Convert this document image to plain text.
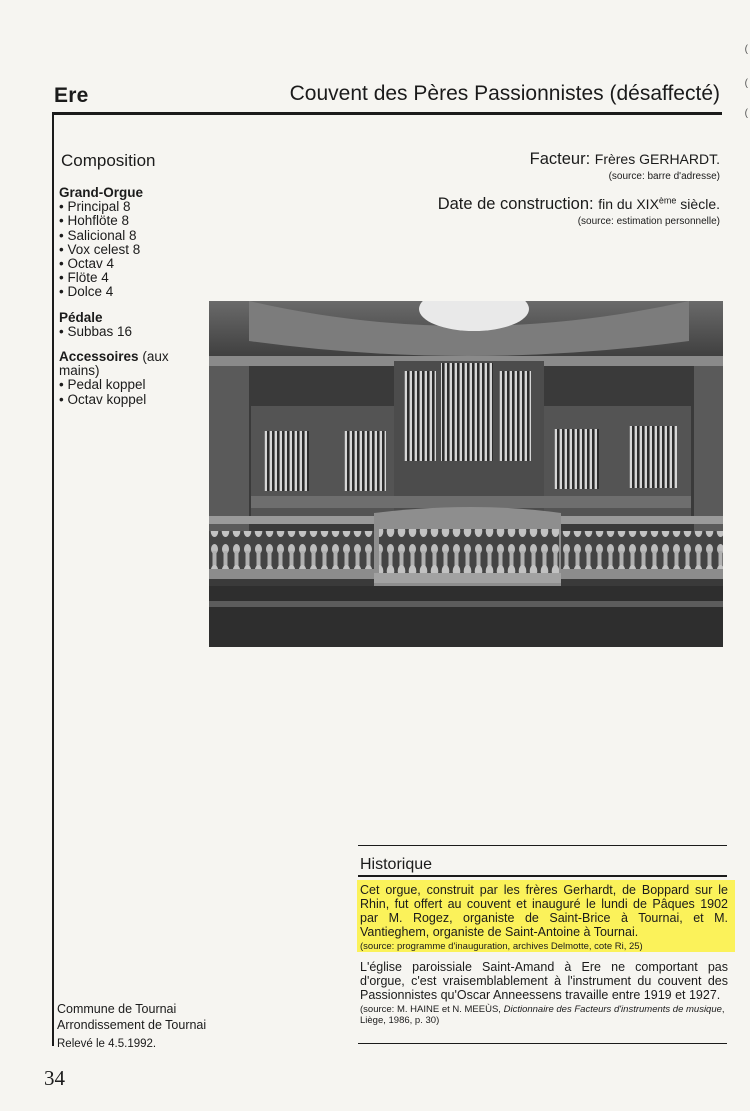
(
(
(
Ere	Couvent des Pères Passionnistes (désaffecté)
Composition
Grand-Orgue
• Principal 8
• Hohflöte 8
• Salicional 8
• Vox celest 8
• Octav 4
• Flöte 4
• Dolce 4
Pédale
• Subbas 16
Accessoires (aux mains)
• Pedal koppel
• Octav koppel
Facteur: Frères GERHARDT.
(source: barre d'adresse)
Date de construction: fin du XIXème siècle.
(source: estimation personnelle)
Historique
Cet orgue, construit par les frères Gerhardt, de Boppard sur le Rhin, fut offert au couvent et inauguré le lundi de Pâques 1902 par M. Rogez, organiste de Saint-Brice à Tournai, et M. Vantieghem, organiste de Saint-Antoine à Tournai.
(source: programme d'inauguration, archives Delmotte, cote Ri, 25)
L'église paroissiale Saint-Amand à Ere ne comportant pas d'orgue, c'est vraisemblablement à l'instrument du couvent des Passionnistes qu'Oscar Anneessens travaille entre 1919 et 1927.
(source: M. HAINE et N. MEEÙS, Dictionnaire des Facteurs d'instruments de musique, Liège, 1986, p. 30)
Commune de Tournai
Arrondissement de Tournai
Relevé le 4.5.1992.
34
